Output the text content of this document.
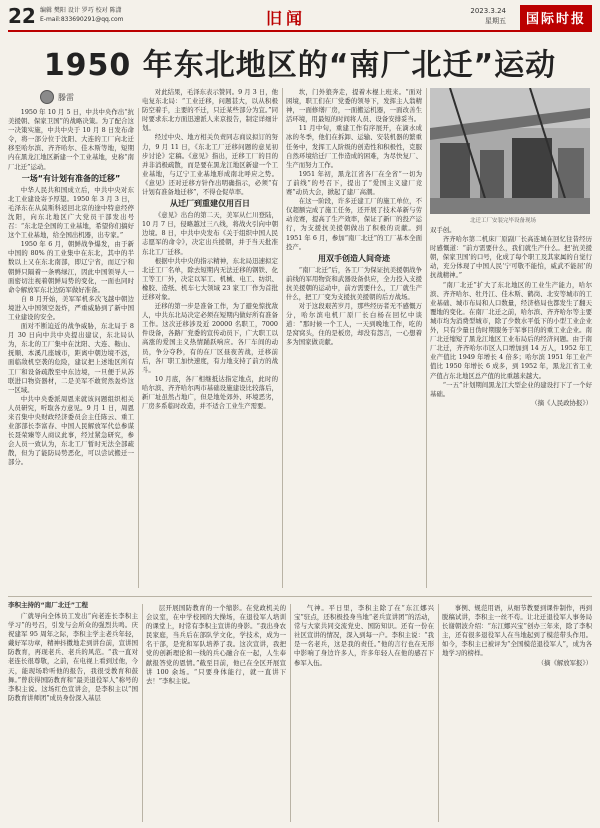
22 编辑 樊阳 设计 罗巧 校对 陈潇
E-mail:833690291@qq.com	旧闻	2023.3.24
星期五	国际时报
1950 年东北地区的“南厂北迁”运动
滕雷

1950 年 10 月 5 日，中共中央作出“抗美援朝、保家卫国”的战略决策。为了配合这一决策实施，中共中央于 10 月 8 日发布命令，将一部分位于沈阳、大连的工厂向北迁移至哈尔滨、齐齐哈尔、佳木斯等地，短期内在黑龙江地区新建一个工业基地，史称“南厂北迁”运动。

一场“有计划有准备的迁移”

中华人民共和国成立后，中共中央对东北工业建设寄予厚望。1950 年 3 月 3 日，毛泽东在从莫斯科返回北京的途中特意经停沈阳，向东北地区广大党员干部发出号召：“东北是全国的工业基地，希望你们搞好这个工业基地，给全国出机器，出专家。”

1950 年 6 月，朝鲜战争爆发，由于新中国的 80% 的工业集中在东北，其中的半数以上又在东北南部，即辽宁省，而辽宁和朝鲜只隔着一条鸭绿江，因此中国领导人一面密切注视着朝鲜局势的变化，一面也同时命令解放军东北边防军做好准备。

自 8 月开始，美军军机多次飞越中朝边境进入中国领空轰炸，严重威胁到了新中国工业建设的安全。

面对不断迫近的战争威胁，东北局于 8 月 30 日向中共中央提出建议，东北局认为，东北的工厂集中在沈阳、大连、鞍山、抚顺、本溪几座城市，距离中朝边境不远，面临敌机空袭的危险，建议把上述地区所有工厂和设备疏散至中东边境，一旦便于从苏联进口物资器材，二是美军不敢贸然轰炸这一区域。

中共中央委派周恩来就该问题组织相关人员研究，听取各方意见。9 月 1 日，周恩来召集中央财政经济委员会主任陈云、重工业部部长李富春、中国人民解放军代总参谋长聂荣臻等人商议此事，经过紧急研究，参会人员一致认为，东北工厂暂时无法全部疏散，但为了能防局势恶化，可以尝试搬迁一部分。

对此结果，毛泽东表示赞同。9 月 3 日，他电复东北局：“工业迁移，问题甚大，以从积极防空着手，主要的不迁，只迁某些部分为宜。”同时要求东北方面迅速派人来京报告，制定详细计划。

经过中央、地方相关负责同志商议拟订的努力，9 月 11 日，《东北工厂迁移问题的意见初步讨论》定稿。《意见》指出，迁移工厂的目的并非消极疏散，而是要在黑龙江地区新建一个工业基地，与辽宁工业基地形成南北呼应之势。《意见》还对迁移方针作出明确指示，必须“有计划有准备地迁移”，不得仓促草率。

从迁厂到重建仅用百日

《意见》出台的第二天，美军从仁川登陆，10 月 7 日，侵略越过三八线，将战火引向中朝边境。8 日，中共中央发布《关于组织中国人民志愿军的命令》，决定出兵援朝，并于当天批准东北工厂迁移。

根据中共中央的指示精神，东北局迅速拟定北迁工厂名单，除去短期内无法迁移的钢铁、化工等工厂外，决定以军工、机械、电工、纺织、橡胶、造纸、机车七大领域 23 家工厂作为首批迁移对象。

迁移的第一步是准备工作，为了避免惊扰敌人，中共东北局决定必须在短期内做好所有准备工作。这次迁移涉及近 20000 名职工，7000 件设备，各路厂党委的宣传动员下，广大职工以高涨的爱国主义热情踊跃响应。各厂车间的动员，争分夺秒，有的在厂区昼夜苦战，迁移前后，各厂职工加快速度，有力地支持了前方的战斗。

10 月底，各厂相继抵达指定地点，此时的哈尔滨、齐齐哈尔两市基础设施建设比较落后，新厂址虽然占地广，但是地处郊外、环境恶劣，厂房多系临时改造，并不适合工业生产需要。

坎，门外狼奔走，提着木棍上班来。“面对困境，职工们在厂党委的领导下，发挥主人翁精神，一面修缮厂房，一面搬运机器，一面改善生活环境，用最短的时间将人员、设备安排妥当。

11 月中旬，重建工作有序展开，在滴水成冰的冬季，他们在拆卸、运输、安装机器的繁重任务中，发挥工人阶级的创造性和积极性，克服自然环境给迁厂工作造成的困难，为尽快复厂、生产而努力工作。

1951 年初，黑龙江省各厂在全省“一切为了前线”的号召下，提出了“爱国主义建厂竞赛”动员大会，掀起了建厂高潮。

在这一阶段，许多迁建工厂的施工单位，不仅超额完成了施工任务，还开展了技术革新与劳动竞赛，提高了生产效率，保证了新厂的投产运行，为支援抗美援朝做出了积极的贡献。到 1951 年 6 月，参加“南厂北迁”的工厂基本全面投产。

用双手创造人间奇迹

“南厂北迁”后，各工厂为保证抗美援朝战争前线的军用物资和武器设备供应，全力投入支援抗美援朝的运动中，前方需要什么，工厂就生产什么，把工厂变为支援抗美援朝的后方战场。

对于这段艰苦岁月，那些经历者无不感慨万分，哈尔滨电机厂原厂长白杨在回忆中谈道：“那时候一个工人，一天到晚地工作，吃的是窝窝头，住的是板房，却没有怨言，一心想着多为国家做贡献。

北迁工厂安装完毕设备现场

双手创。

齐齐哈尔第二机床厂原副厂长高连城在回忆往昔经历时感慨道：“前方需要什么，我们就生产什么。把‘抗美援朝，保家卫国’的口号，化成了每个职工及其家属的自觉行动，充分体现了中国人民‘宁可敬不能怕，威武不能屈’的抗战精神。”

“南厂北迁”扩大了东北地区的工业生产能力，哈尔滨、齐齐哈尔、牡丹江、佳木斯、鹤岗、北安等城市的工业基础、城市布局和人口数量，经济格局也都发生了翻天覆地的变化。在南厂北迁之前，哈尔滨、齐齐哈尔等主要城市均为消费型城市，除了少数水平低下的小型工业企业外，只有少量日伪时期服务于军事目的的重工业企业。南厂北迁缩短了黑龙江地区工业布局后的经济问题。由于南厂北迁，齐齐哈尔市区人口增加到 14 万人，1952 年工业产值比 1949 年增长 4 倍多；哈尔滨 1951 年工业产值比 1950 年增长 6 成多，到 1952 年，黑龙江省工业产值占东北地区总产值的比重越来越大。

“一五”计划期间黑龙江大型企业的建设打下了一个好基础。

（摘《人民政协报》）

李积主持的“南厂北迁”工程

广就导向全体员工发出“向老连长李积主学习”的号召，引发与会所众的强烈共鸣。庆祝建军 95 周年之际，李积主学主老兵年轻，戴好军功章，精神抖擞地走到讲台前，宣讲国防教育，再现老兵、老兵的风范。“我一直对老连长很尊敬，之前，在电视上看到过他，今天，能现场聆听他的报告，我很受教育和鼓舞。”曾获得国防教育和“最美退役军人”称号的李积主说。这场红色宣讲会，是李积主以“国防教育讲师团”成员身份深入基层

层开展国防教育的一个缩影。在党政机关的会议室，在中学校园的大操场，在退役军人培训的课堂上，时常有李积主宣讲的身影。“我出身农民家庭，当兵后在部队学文化，学技术，成为一名干部，是党和军队培养了我。这次宣讲，我把党的创新理论和一线的兵心融合在一起，人生奉献报答党的恩情。”截至目前，他已在全区开展宣讲 100 余场。“只要身体能行，就一直讲下去！”李积主说。

气神。平日里，李积主除了在“东江娜兴宝”驻点，还积极投身当地“老兵宣讲团”的活动，常与大家共同交流党史、国防知识。还有一份在社区宣讲的情况，深入到每一户。李积主说：“我是一名老兵，这是我的责任。”他的言行也在无形中影响了身边许多人，许多年轻人在他的感召下参军入伍。

事例、规范用语，从细节教要到课件制作，再到脱稿试讲，李积主一丝不苟。让北迁退役军人事务局长谢朝波介绍：“东江娜兴宝”创办三年来，除了李积主，还有很多退役军人在当地起到了模范带头作用。如今，李积主已被评为“全国模范退役军人”，成为各地学习的榜样。

（摘《解放军报》）
